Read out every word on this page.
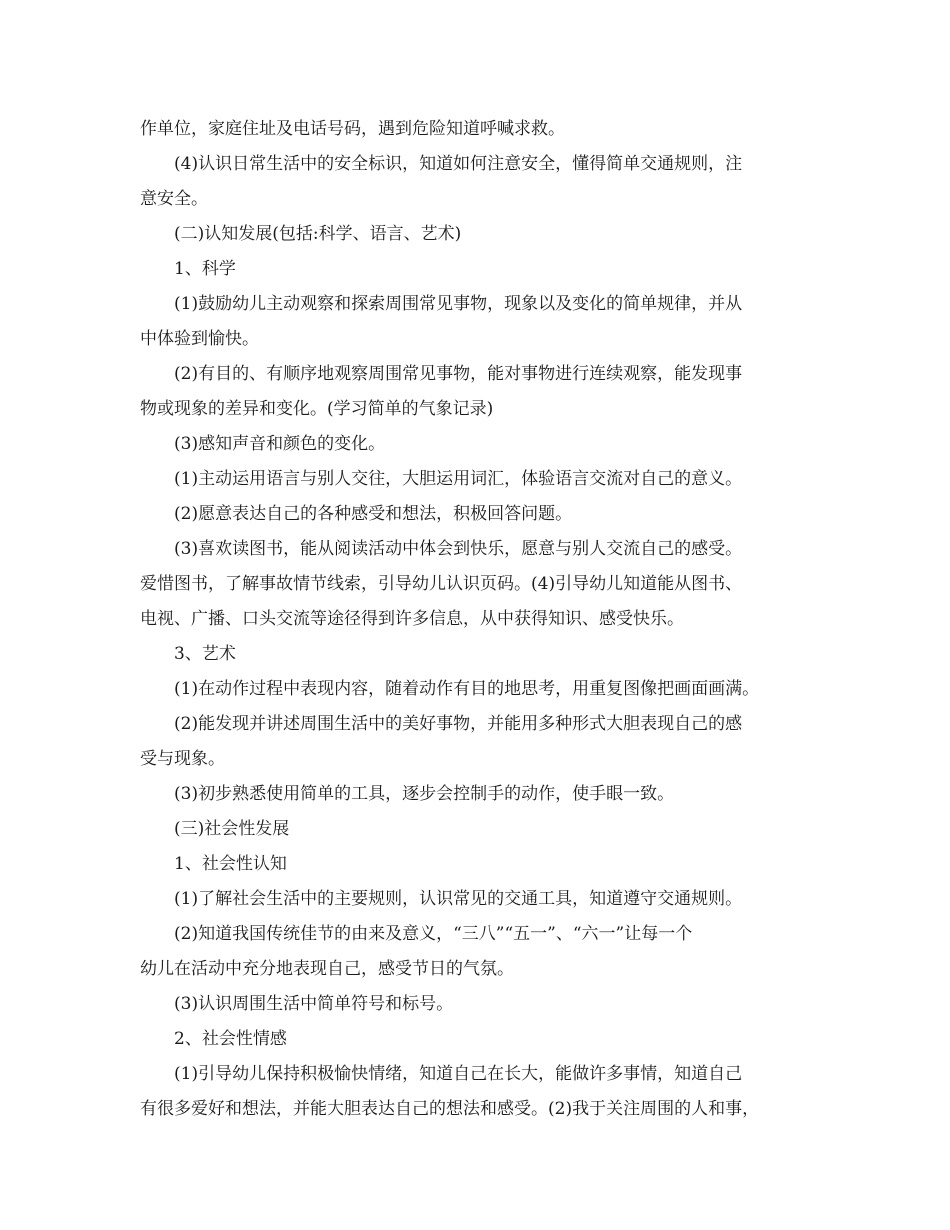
作单位，家庭住址及电话号码，遇到危险知道呼喊求救。
(4)认识日常生活中的安全标识，知道如何注意安全，懂得简单交通规则，注
意安全。
(二)认知发展(包括:科学、语言、艺术)
1、科学
(1)鼓励幼儿主动观察和探索周围常见事物，现象以及变化的简单规律，并从
中体验到愉快。
(2)有目的、有顺序地观察周围常见事物，能对事物进行连续观察，能发现事
物或现象的差异和变化。(学习简单的气象记录)
(3)感知声音和颜色的变化。
(1)主动运用语言与别人交往，大胆运用词汇，体验语言交流对自己的意义。
(2)愿意表达自己的各种感受和想法，积极回答问题。
(3)喜欢读图书，能从阅读活动中体会到快乐，愿意与别人交流自己的感受。
爱惜图书，了解事故情节线索，引导幼儿认识页码。(4)引导幼儿知道能从图书、
电视、广播、口头交流等途径得到许多信息，从中获得知识、感受快乐。
3、艺术
(1)在动作过程中表现内容，随着动作有目的地思考，用重复图像把画面画满。
(2)能发现并讲述周围生活中的美好事物，并能用多种形式大胆表现自己的感
受与现象。
(3)初步熟悉使用简单的工具，逐步会控制手的动作，使手眼一致。
(三)社会性发展
1、社会性认知
(1)了解社会生活中的主要规则，认识常见的交通工具，知道遵守交通规则。
(2)知道我国传统佳节的由来及意义，“三八”“五一”、“六一”让每一个
幼儿在活动中充分地表现自己，感受节日的气氛。
(3)认识周围生活中简单符号和标号。
2、社会性情感
(1)引导幼儿保持积极愉快情绪，知道自己在长大，能做许多事情，知道自己
有很多爱好和想法，并能大胆表达自己的想法和感受。(2)我于关注周围的人和事，
